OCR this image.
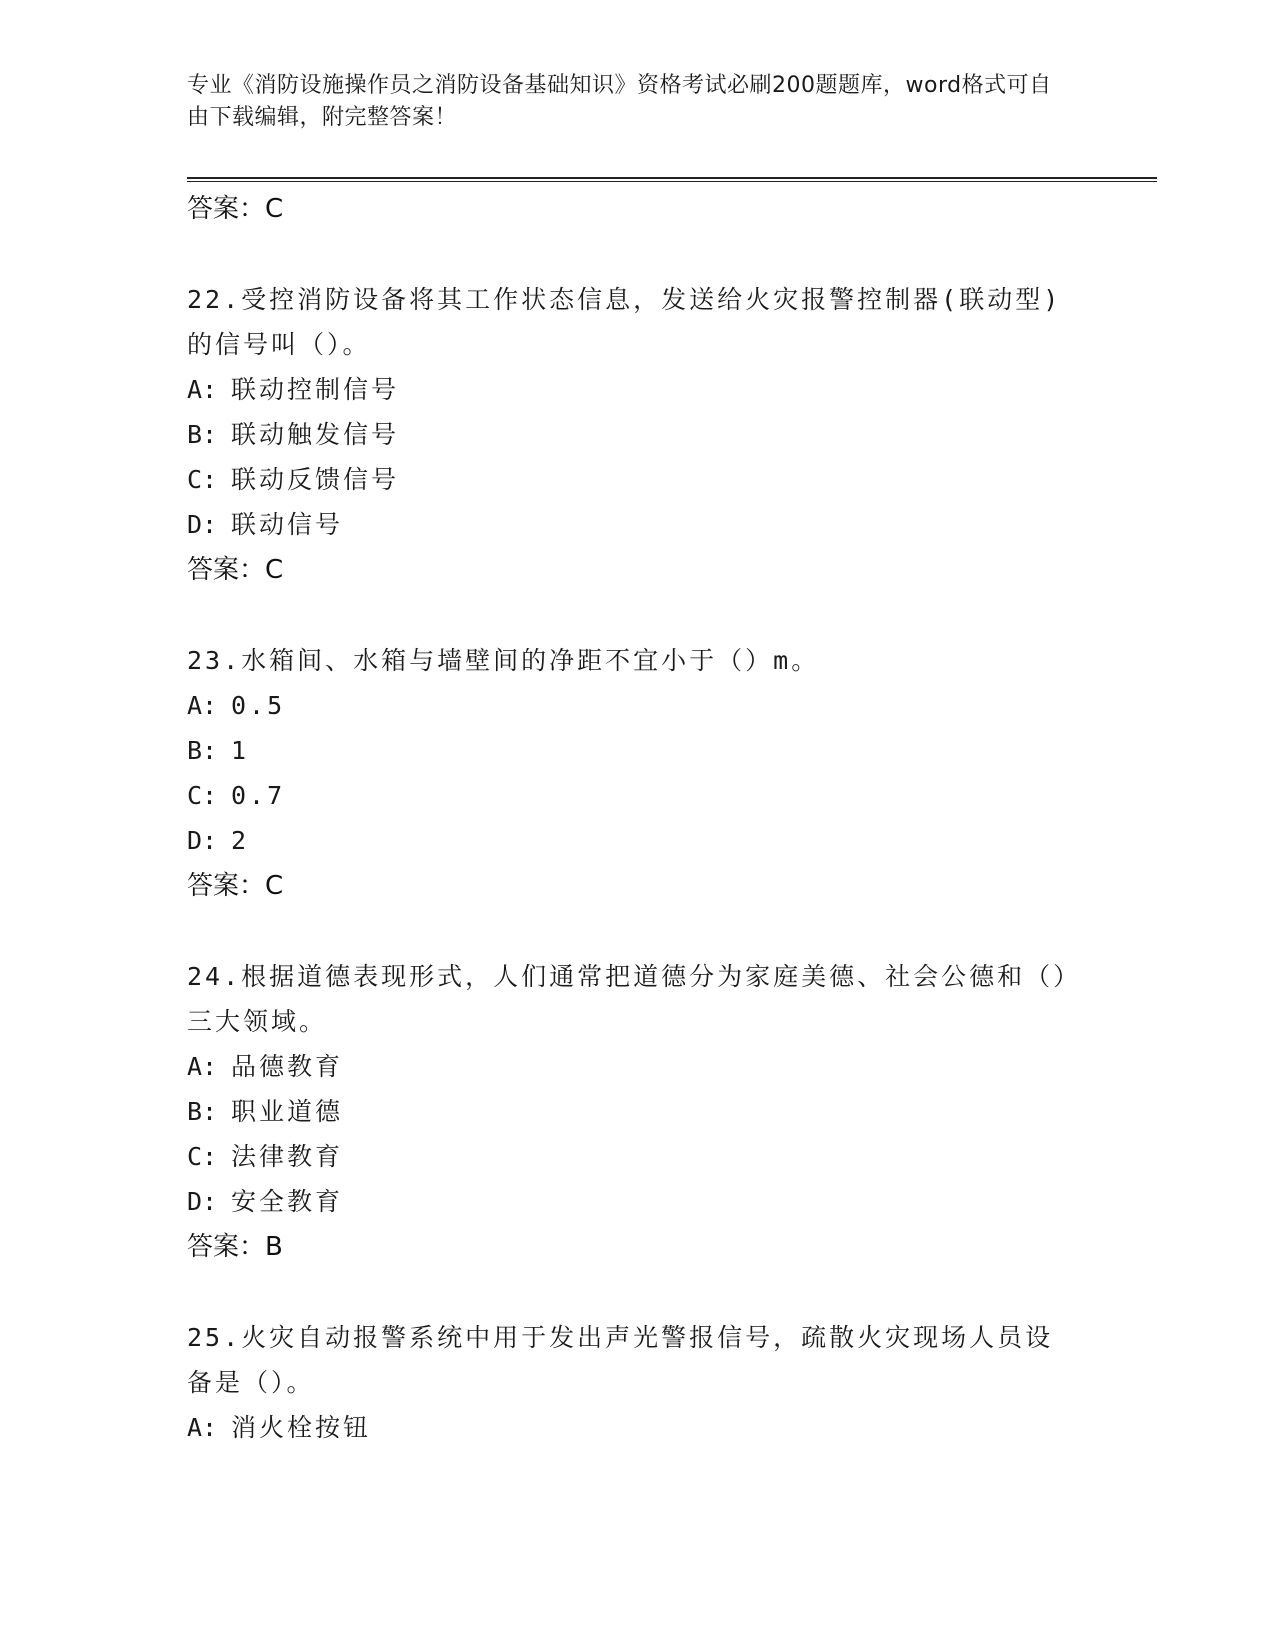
专业《消防设施操作员之消防设备基础知识》资格考试必刷200题题库，word格式可自由下载编辑，附完整答案！
答案：C
22.受控消防设备将其工作状态信息，发送给火灾报警控制器(联动型)的信号叫（）。
A: 联动控制信号
B: 联动触发信号
C: 联动反馈信号
D: 联动信号
答案：C
23.水箱间、水箱与墙壁间的净距不宜小于（）m。
A: 0.5
B: 1
C: 0.7
D: 2
答案：C
24.根据道德表现形式，人们通常把道德分为家庭美德、社会公德和（）三大领域。
A: 品德教育
B: 职业道德
C: 法律教育
D: 安全教育
答案：B
25.火灾自动报警系统中用于发出声光警报信号，疏散火灾现场人员设备是（）。
A: 消火栓按钮
